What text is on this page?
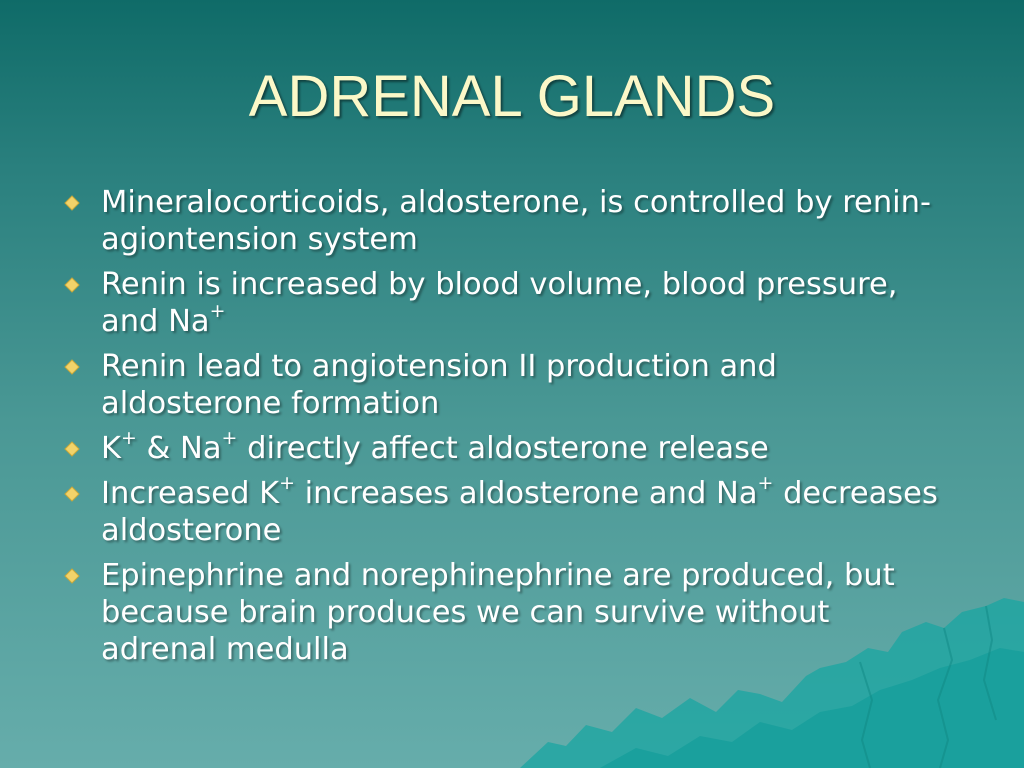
ADRENAL GLANDS
Mineralocorticoids, aldosterone, is controlled by renin-agiontension system
Renin is increased by blood volume, blood pressure, and Na+
Renin lead to angiotension II production and aldosterone formation
K+ & Na+ directly affect aldosterone release
Increased K+ increases aldosterone and Na+ decreases aldosterone
Epinephrine and norephinephrine are produced, but because brain produces we can survive without adrenal medulla
